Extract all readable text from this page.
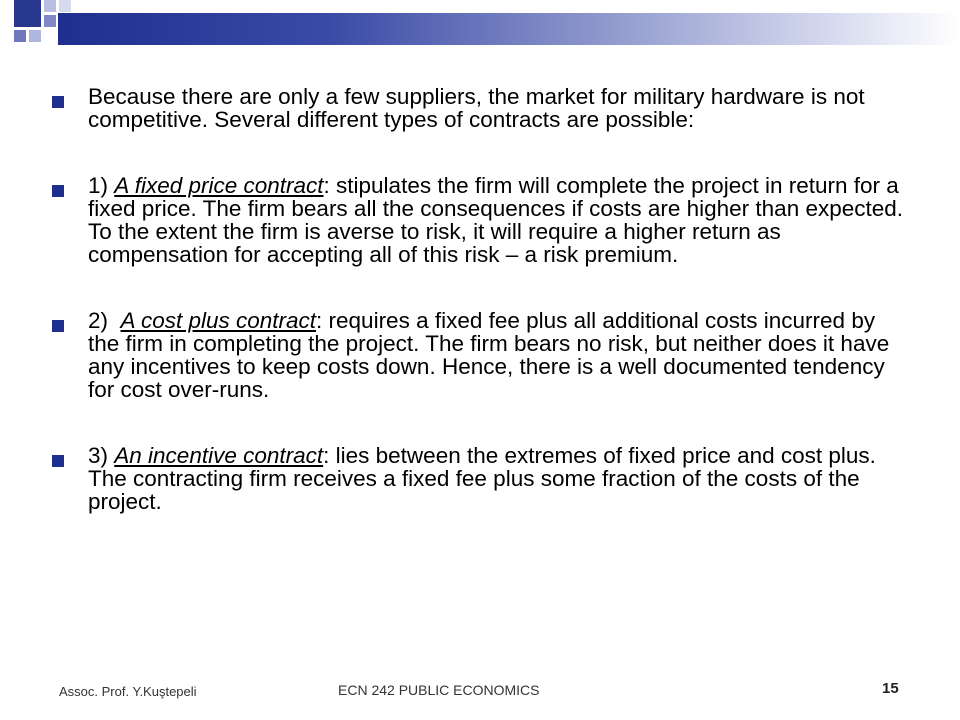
Because there are only a few suppliers, the market for military hardware is not competitive. Several different types of contracts are possible:
1) A fixed price contract: stipulates the firm will complete the project in return for a fixed price. The firm bears all the consequences if costs are higher than expected. To the extent the firm is averse to risk, it will require a higher return as compensation for accepting all of this risk – a risk premium.
2)  A cost plus contract: requires a fixed fee plus all additional costs incurred by the firm in completing the project. The firm bears no risk, but neither does it have any incentives to keep costs down. Hence, there is a well documented tendency for cost over-runs.
3) An incentive contract: lies between the extremes of fixed price and cost plus. The contracting firm receives a fixed fee plus some fraction of the costs of the project.
Assoc. Prof. Y.Kuştepeli	ECN 242 PUBLIC ECONOMICS	15
